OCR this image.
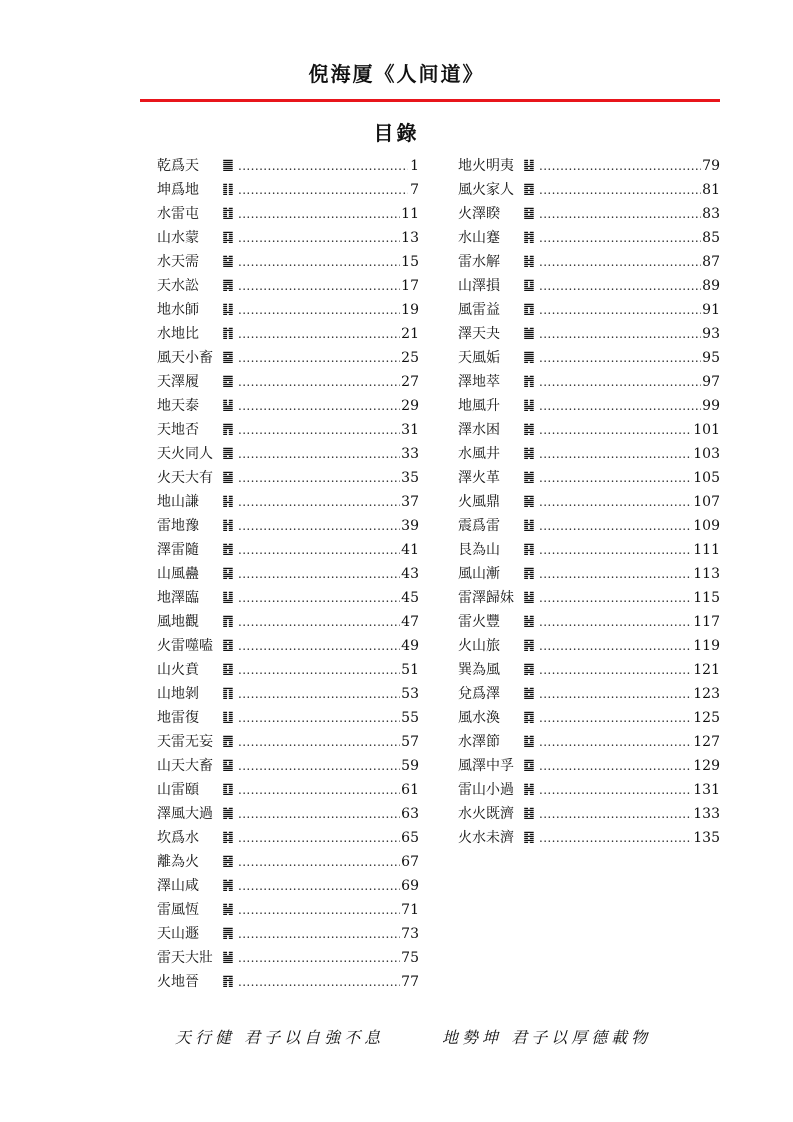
倪海厦《人间道》
目錄
乾爲天	䷀ .....	1
坤爲地	䷁ .....	7
水雷屯	䷂ .....	11
山水蒙	䷃ .....	13
水天需	䷄ .....	15
天水訟	䷅ .....	17
地水師	䷆ .....	19
水地比	䷇ .....	21
風天小畜 ䷈ .....	25
天澤履	䷉ .....	27
地天泰	䷊ .....	29
天地否	䷋ .....	31
天火同人 ䷌ .....	33
火天大有 ䷍ .....	35
地山謙	䷎ .....	37
雷地豫	䷏ .....	39
澤雷隨	䷐ .....	41
山風蠱	䷑ .....	43
地澤臨	䷒ .....	45
風地觀	䷓ .....	47
火雷噬嗑 ䷔ .....	49
山火賁	䷕ .....	51
山地剝	䷖ .....	53
地雷復	䷗ .....	55
天雷无妄 ䷘ .....	57
山天大畜 ䷙ .....	59
山雷頤	䷚ .....	61
澤風大過 ䷛ .....	63
坎爲水	䷜ .....	65
離為火	䷝ .....	67
澤山咸	䷞ .....	69
雷風恆	䷟ .....	71
天山遯	䷠ .....	73
雷天大壯 ䷡ .....	75
火地晉	䷢ .....	77
地火明夷 ䷣ .....	79
風火家人 ䷤ .....	81
火澤睽	䷥ .....	83
水山蹇	䷦ .....	85
雷水解	䷧ .....	87
山澤損	䷨ .....	89
風雷益	䷩ .....	91
澤天夬	䷪ .....	93
天風姤	䷫ .....	95
澤地萃	䷬ .....	97
地風升	䷭ .....	99
澤水困	䷮ .....	101
水風井	䷯ .....	103
澤火革	䷰ .....	105
火風鼎	䷱ .....	107
震爲雷	䷲ .....	109
艮為山	䷳ .....	111
風山漸	䷴ .....	113
雷澤歸妹 ䷵ .....	115
雷火豐	䷶ .....	117
火山旅	䷷ .....	119
巽為風	䷸ .....	121
兌爲澤	䷹ .....	123
風水渙	䷺ .....	125
水澤節	䷻ .....	127
風澤中孚 ䷼ .....	129
雷山小過 ䷽ .....	131
水火既濟 ䷾ .....	133
火水未濟 ䷿ .....	135
天行健 君子以自強不息	地勢坤 君子以厚德載物
